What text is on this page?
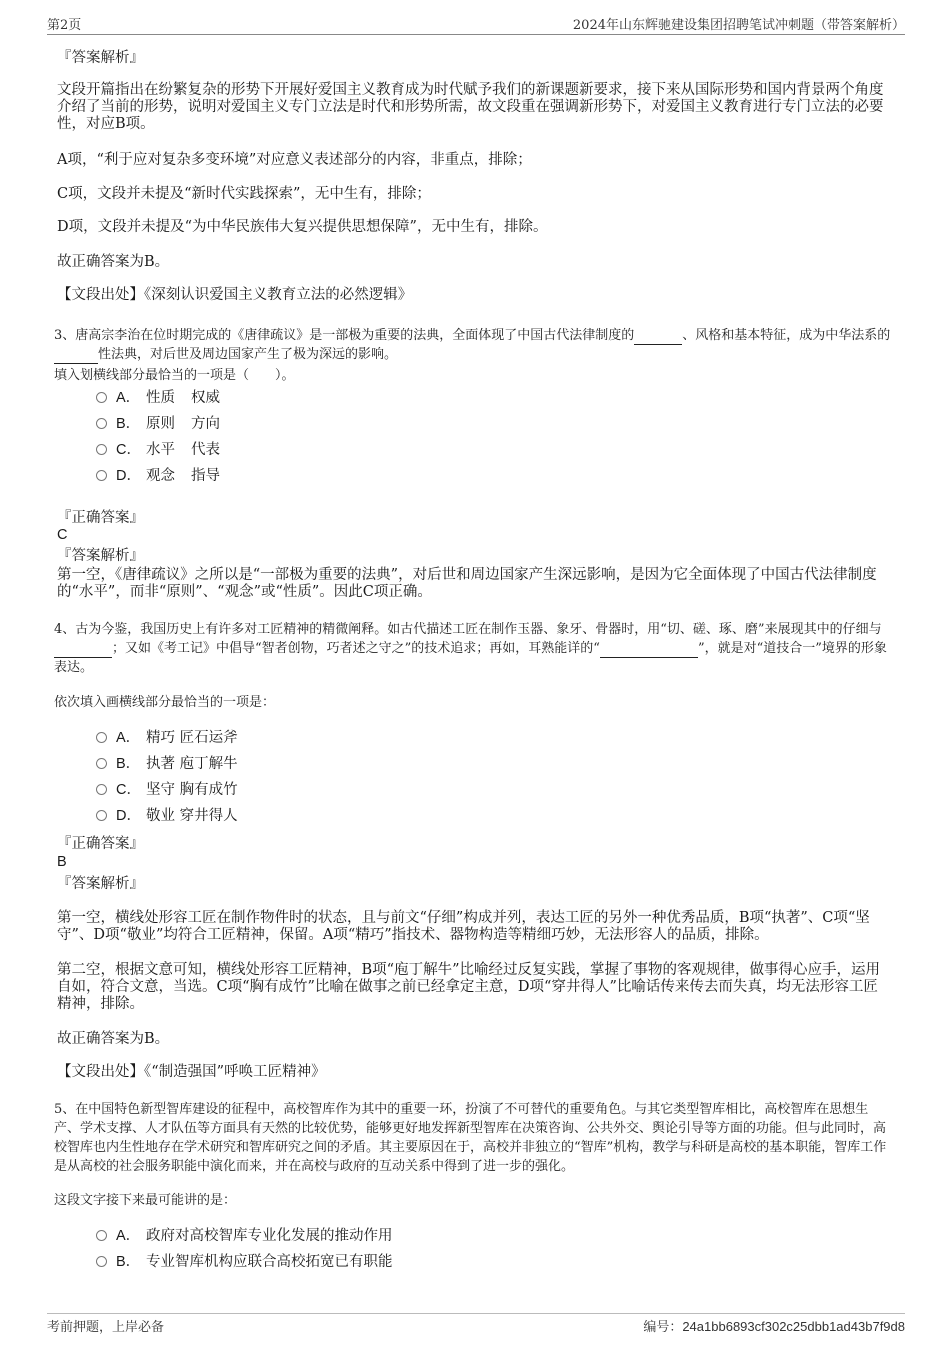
第2页	2024年山东辉驰建设集团招聘笔试冲刺题（带答案解析）
『答案解析』
文段开篇指出在纷繁复杂的形势下开展好爱国主义教育成为时代赋予我们的新课题新要求，接下来从国际形势和国内背景两个角度介绍了当前的形势，说明对爱国主义专门立法是时代和形势所需，故文段重在强调新形势下，对爱国主义教育进行专门立法的必要性，对应B项。
A项，“利于应对复杂多变环境”对应意义表述部分的内容，非重点，排除；
C项，文段并未提及“新时代实践探索”，无中生有，排除；
D项，文段并未提及“为中华民族伟大复兴提供思想保障”，无中生有，排除。
故正确答案为B。
【文段出处】《深刻认识爱国主义教育立法的必然逻辑》
3、唐高宗李治在位时期完成的《唐律疏议》是一部极为重要的法典，全面体现了中国古代法律制度的	、风格和基本特征，成为中华法系的性法典，对后世及周边国家产生了极为深远的影响。
填入划横线部分最恰当的一项是（　　）。
A． 性质 权威
B． 原则 方向
C． 水平 代表
D． 观念 指导
『正确答案』
C
『答案解析』
第一空，《唐律疏议》之所以是“一部极为重要的法典”，对后世和周边国家产生深远影响，是因为它全面体现了中国古代法律制度的“水平”，而非“原则”、“观念”或“性质”。因此C项正确。
4、古为今鉴，我国历史上有许多对工匠精神的精微阐释。如古代描述工匠在制作玉器、象牙、骨器时，用“切、磋、琢、磨”来展现其中的仔细与；又如《考工记》中倡导“智者创物，巧者述之守之”的技术追求；再如，耳熟能详的“	”，就是对“道技合一”境界的形象表达。
依次填入画横线部分最恰当的一项是：
A． 精巧 匠石运斧
B． 执著 庖丁解牛
C． 坚守 胸有成竹
D． 敬业 穿井得人
『正确答案』
B
『答案解析』
第一空，横线处形容工匠在制作物件时的状态，且与前文“仔细”构成并列，表达工匠的另外一种优秀品质，B项“执著”、C项“坚守”、D项“敬业”均符合工匠精神，保留。A项“精巧”指技术、器物构造等精细巧妙，无法形容人的品质，排除。
第二空，根据文意可知，横线处形容工匠精神，B项“庖丁解牛”比喻经过反复实践，掌握了事物的客观规律，做事得心应手，运用自如，符合文意，当选。C项“胸有成竹”比喻在做事之前已经拿定主意，D项“穿井得人”比喻话传来传去而失真，均无法形容工匠精神，排除。
故正确答案为B。
【文段出处】《“制造强国”呼唤工匠精神》
5、在中国特色新型智库建设的征程中，高校智库作为其中的重要一环，扮演了不可替代的重要角色。与其它类型智库相比，高校智库在思想生产、学术支撑、人才队伍等方面具有天然的比较优势，能够更好地发挥新型智库在决策咨询、公共外交、舆论引导等方面的功能。但与此同时，高校智库也内生性地存在学术研究和智库研究之间的矛盾。其主要原因在于，高校并非独立的“智库”机构，教学与科研是高校的基本职能，智库工作是从高校的社会服务职能中演化而来，并在高校与政府的互动关系中得到了进一步的强化。
这段文字接下来最可能讲的是：
A． 政府对高校智库专业化发展的推动作用
B． 专业智库机构应联合高校拓宽已有职能
考前押题，上岸必备	编号：24a1bb6893cf302c25dbb1ad43b7f9d8
